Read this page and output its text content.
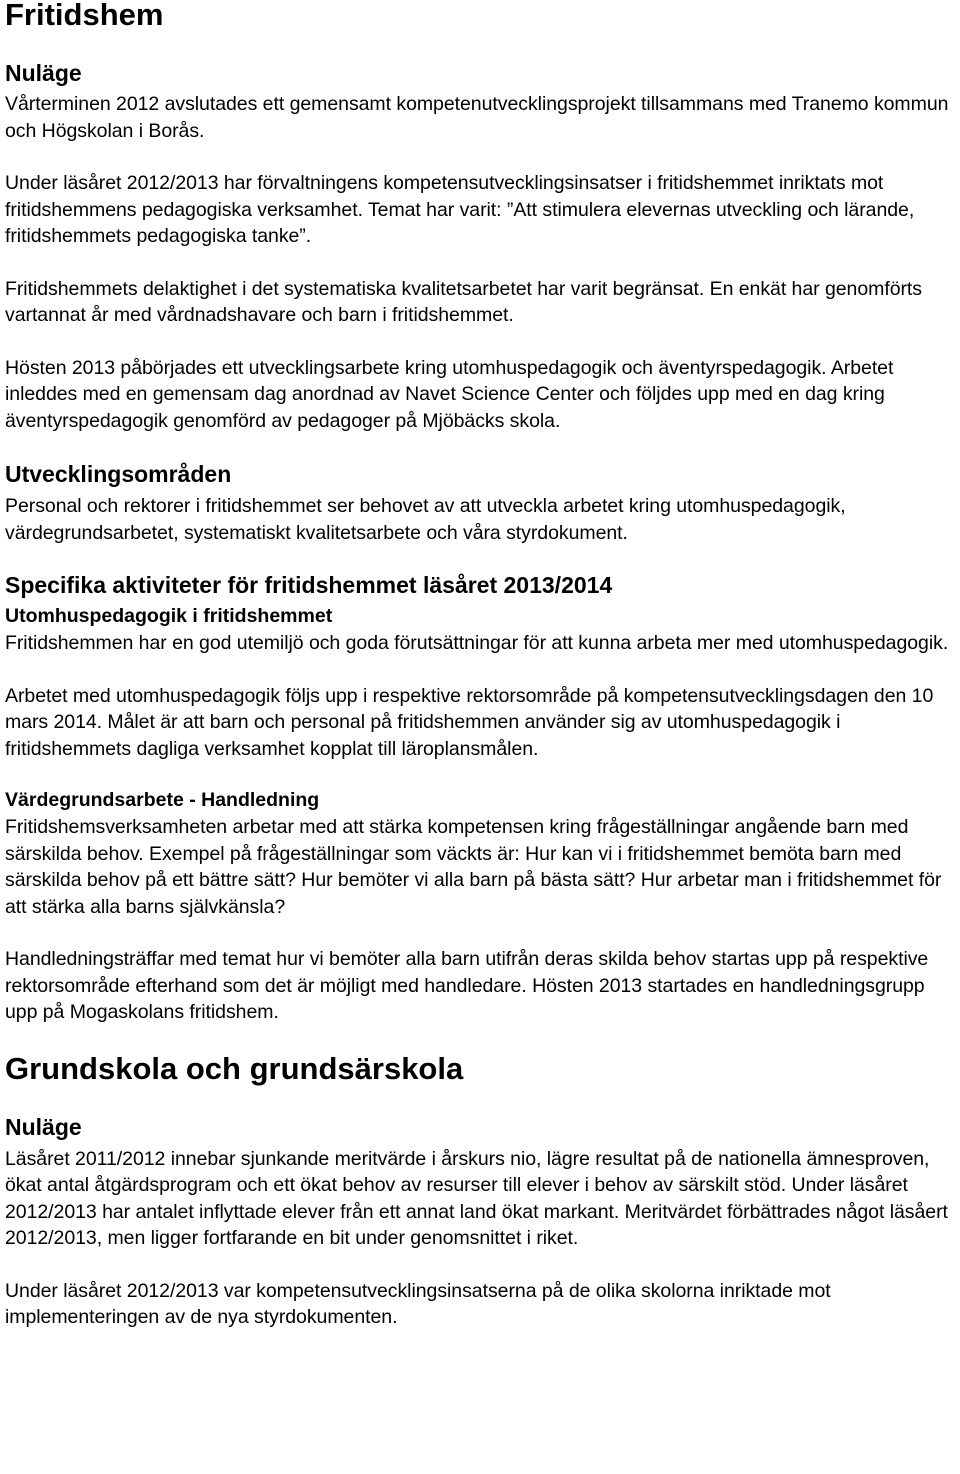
Fritidshem
Nuläge

Vårterminen 2012 avslutades ett gemensamt kompetenutvecklingsprojekt tillsammans med Tranemo kommun och Högskolan i Borås.

Under läsåret 2012/2013 har förvaltningens kompetensutvecklingsinsatser i fritidshemmet inriktats mot fritidshemmens pedagogiska verksamhet. Temat har varit: ”Att stimulera elevernas utveckling och lärande, fritidshemmets pedagogiska tanke”.

Fritidshemmets delaktighet i det systematiska kvalitetsarbetet har varit begränsat. En enkät har genomförts vartannat år med vårdnadshavare och barn i fritidshemmet.

Hösten 2013 påbörjades ett utvecklingsarbete kring utomhuspedagogik och äventyrspedagogik. Arbetet inleddes med en gemensam dag anordnad av Navet Science Center och följdes upp med en dag kring äventyrspedagogik genomförd av pedagoger på Mjöbäcks skola.

Utvecklingsområden

Personal och rektorer i fritidshemmet ser behovet av att utveckla arbetet kring utomhuspedagogik, värdegrundsarbetet, systematiskt kvalitetsarbete och våra styrdokument.

Specifika aktiviteter för fritidshemmet läsåret 2013/2014
Utomhuspedagogik i fritidshemmet

Fritidshemmen har en god utemiljö och goda förutsättningar för att kunna arbeta mer med utomhuspedagogik.

Arbetet med utomhuspedagogik följs upp i respektive rektorsområde på kompetensutvecklingsdagen den 10 mars 2014. Målet är att barn och personal på fritidshemmen använder sig av utomhuspedagogik i fritidshemmets dagliga verksamhet kopplat till läroplansmålen.

Värdegrundsarbete - Handledning

Fritidshemsverksamheten arbetar med att stärka kompetensen kring frågeställningar angående barn med särskilda behov. Exempel på frågeställningar som väckts är: Hur kan vi i fritidshemmet bemöta barn med särskilda behov på ett bättre sätt? Hur bemöter vi alla barn på bästa sätt? Hur arbetar man i fritidshemmet för att stärka alla barns självkänsla?

Handledningsträffar med temat hur vi bemöter alla barn utifrån deras skilda behov startas upp på respektive rektorsområde efterhand som det är möjligt med handledare. Hösten 2013 startades en handledningsgrupp upp på Mogaskolans fritidshem.

Grundskola och grundsärskola
Nuläge

Läsåret 2011/2012 innebar sjunkande meritvärde i årskurs nio, lägre resultat på de nationella ämnesproven, ökat antal åtgärdsprogram och ett ökat behov av resurser till elever i behov av särskilt stöd. Under läsåret 2012/2013 har antalet inflyttade elever från ett annat land ökat markant. Meritvärdet förbättrades något läsåert 2012/2013, men ligger fortfarande en bit under genomsnittet i riket.

Under läsåret 2012/2013 var kompetensutvecklingsinsatserna på de olika skolorna inriktade mot implementeringen av de nya styrdokumenten.
